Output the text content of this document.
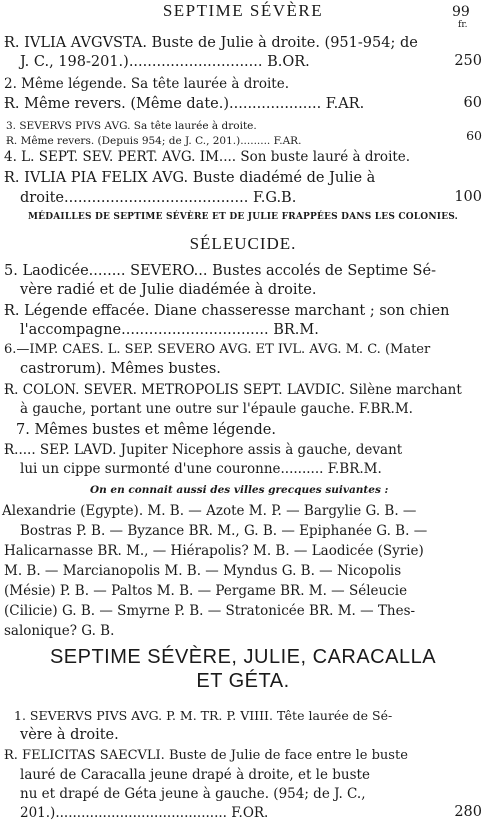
SEPTIME SÉVÈRE	99
fr.
Ɍ. IVLIA AVGVSTA. Buste de Julie à droite. (951-954; de
J. C., 198-201.)............................. B.OR.	250
2. Même légende. Sa tête laurée à droite.
Ɍ. Même revers. (Même date.).................... F.AR.	60
3. SEVERVS PIVS AVG. Sa tête laurée à droite.
Ɍ. Même revers. (Depuis 954; de J. C., 201.)......... F.AR.	60
4. L. SEPT. SEV. PERT. AVG. IM.... Son buste lauré à droite.
Ɍ. IVLIA PIA FELIX AVG. Buste diadémé de Julie à
droite........................................ F.G.B.	100
MÉDAILLES DE SEPTIME SÉVÈRE ET DE JULIE FRAPPÉES DANS LES COLONIES.
SÉLEUCIDE.
5. Laodicée........ SEVERO... Bustes accolés de Septime Sé-
vère radié et de Julie diadémée à droite.
Ɍ. Légende effacée. Diane chasseresse marchant ; son chien
l'accompagne................................ BR.M.
6.—IMP. CAES. L. SEP. SEVERO AVG. ET IVL. AVG. M. C. (Mater
castrorum). Mêmes bustes.
Ɍ. COLON. SEVER. METROPOLIS SEPT. LAVDIC. Silène marchant
à gauche, portant une outre sur l'épaule gauche. F.BR.M.
7. Mêmes bustes et même légende.
Ɍ..... SEP. LAVD. Jupiter Nicephore assis à gauche, devant
lui un cippe surmonté d'une couronne.......... F.BR.M.
On en connait aussi des villes grecques suivantes :
Alexandrie (Egypte). M. B. — Azote M. P. — Bargylie G. B. —
Bostras P. B. — Byzance BR. M., G. B. — Epiphanée G. B. —
Halicarnasse BR. M., — Hiérapolis? M. B. — Laodicée (Syrie)
M. B. — Marcianopolis M. B. — Myndus G. B. — Nicopolis
(Mésie) P. B. — Paltos M. B. — Pergame BR. M. — Séleucie
(Cilicie) G. B. — Smyrne P. B. — Stratonicée BR. M. — Thes-
salonique? G. B.
SEPTIME SÉVÈRE, JULIE, CARACALLA
ET GÉTA.
1. SEVERVS PIVS AVG. P. M. TR. P. VIIII. Tête laurée de Sé-
vère à droite.
Ɍ. FELICITAS SAECVLI. Buste de Julie de face entre le buste
lauré de Caracalla jeune drapé à droite, et le buste
nu et drapé de Géta jeune à gauche. (954; de J. C.,
201.)........................................ F.OR.	280
